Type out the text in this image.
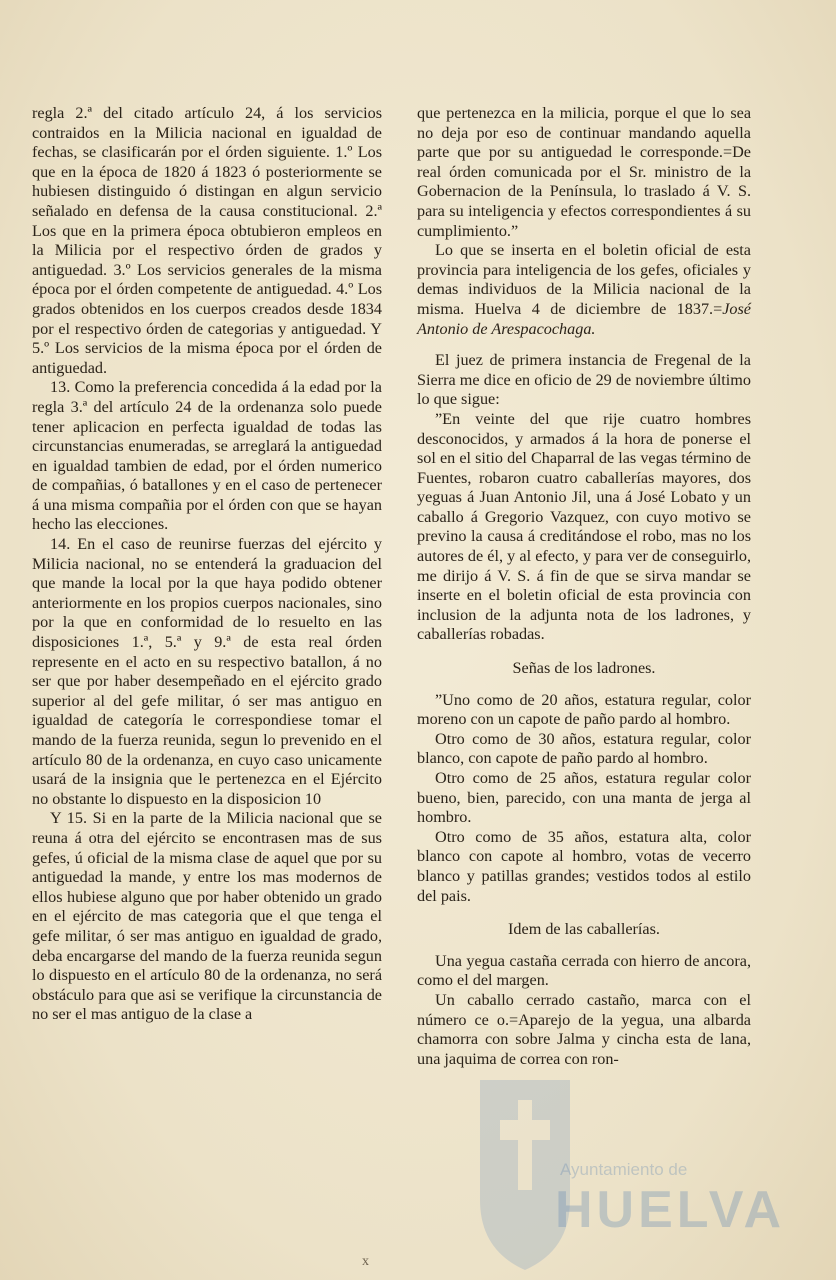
regla 2.ª del citado artículo 24, á los servicios contraidos en la Milicia nacional en igualdad de fechas, se clasificarán por el órden siguiente. 1.º Los que en la época de 1820 á 1823 ó posteriormente se hubiesen distinguido ó distingan en algun servicio señalado en defensa de la causa constitucional. 2.ª Los que en la primera época obtubieron empleos en la Milicia por el respectivo órden de grados y antiguedad. 3.º Los servicios generales de la misma época por el órden competente de antiguedad. 4.º Los grados obtenidos en los cuerpos creados desde 1834 por el respectivo órden de categorias y antiguedad. Y 5.º Los servicios de la misma época por el órden de antiguedad.

13. Como la preferencia concedida á la edad por la regla 3.ª del artículo 24 de la ordenanza solo puede tener aplicacion en perfecta igualdad de todas las circunstancias enumeradas, se arreglará la antiguedad en igualdad tambien de edad, por el órden numerico de compañias, ó batallones y en el caso de pertenecer á una misma compañia por el órden con que se hayan hecho las elecciones.

14. En el caso de reunirse fuerzas del ejército y Milicia nacional, no se entenderá la graduacion del que mande la local por la que haya podido obtener anteriormente en los propios cuerpos nacionales, sino por la que en conformidad de lo resuelto en las disposiciones 1.ª, 5.ª y 9.ª de esta real órden represente en el acto en su respectivo batallon, á no ser que por haber desempeñado en el ejército grado superior al del gefe militar, ó ser mas antiguo en igualdad de categoría le correspondiese tomar el mando de la fuerza reunida, segun lo prevenido en el artículo 80 de la ordenanza, en cuyo caso unicamente usará de la insignia que le pertenezca en el Ejército no obstante lo dispuesto en la disposicion 10

Y 15. Si en la parte de la Milicia nacional que se reuna á otra del ejército se encontrasen mas de sus gefes, ú oficial de la misma clase de aquel que por su antiguedad la mande, y entre los mas modernos de ellos hubiese alguno que por haber obtenido un grado en el ejército de mas categoria que el que tenga el gefe militar, ó ser mas antiguo en igualdad de grado, deba encargarse del mando de la fuerza reunida segun lo dispuesto en el artículo 80 de la ordenanza, no será obstáculo para que asi se verifique la circunstancia de no ser el mas antiguo de la clase a

que pertenezca en la milicia, porque el que lo sea no deja por eso de continuar mandando aquella parte que por su antiguedad le corresponde.=De real órden comunicada por el Sr. ministro de la Gobernacion de la Península, lo traslado á V. S. para su inteligencia y efectos correspondientes á su cumplimiento.”

Lo que se inserta en el boletin oficial de esta provincia para inteligencia de los gefes, oficiales y demas individuos de la Milicia nacional de la misma. Huelva 4 de diciembre de 1837.=José Antonio de Arespacochaga.

El juez de primera instancia de Fregenal de la Sierra me dice en oficio de 29 de noviembre último lo que sigue:

”En veinte del que rije cuatro hombres desconocidos, y armados á la hora de ponerse el sol en el sitio del Chaparral de las vegas término de Fuentes, robaron cuatro caballerías mayores, dos yeguas á Juan Antonio Jil, una á José Lobato y un caballo á Gregorio Vazquez, con cuyo motivo se previno la causa á creditándose el robo, mas no los autores de él, y al efecto, y para ver de conseguirlo, me dirijo á V. S. á fin de que se sirva mandar se inserte en el boletin oficial de esta provincia con inclusion de la adjunta nota de los ladrones, y caballerías robadas.

Señas de los ladrones.

”Uno como de 20 años, estatura regular, color moreno con un capote de paño pardo al hombro.

Otro como de 30 años, estatura regular, color blanco, con capote de paño pardo al hombro.

Otro como de 25 años, estatura regular color bueno, bien, parecido, con una manta de jerga al hombro.

Otro como de 35 años, estatura alta, color blanco con capote al hombro, votas de vecerro blanco y patillas grandes; vestidos todos al estilo del pais.

Idem de las caballerías.

Una yegua castaña cerrada con hierro de ancora, como el del margen.

Un caballo cerrado castaño, marca con el número ce o.=Aparejo de la yegua, una albarda chamorra con sobre Jalma y cincha esta de lana, una jaquima de correa con ron-

Ayuntamiento de
HUELVA
x
